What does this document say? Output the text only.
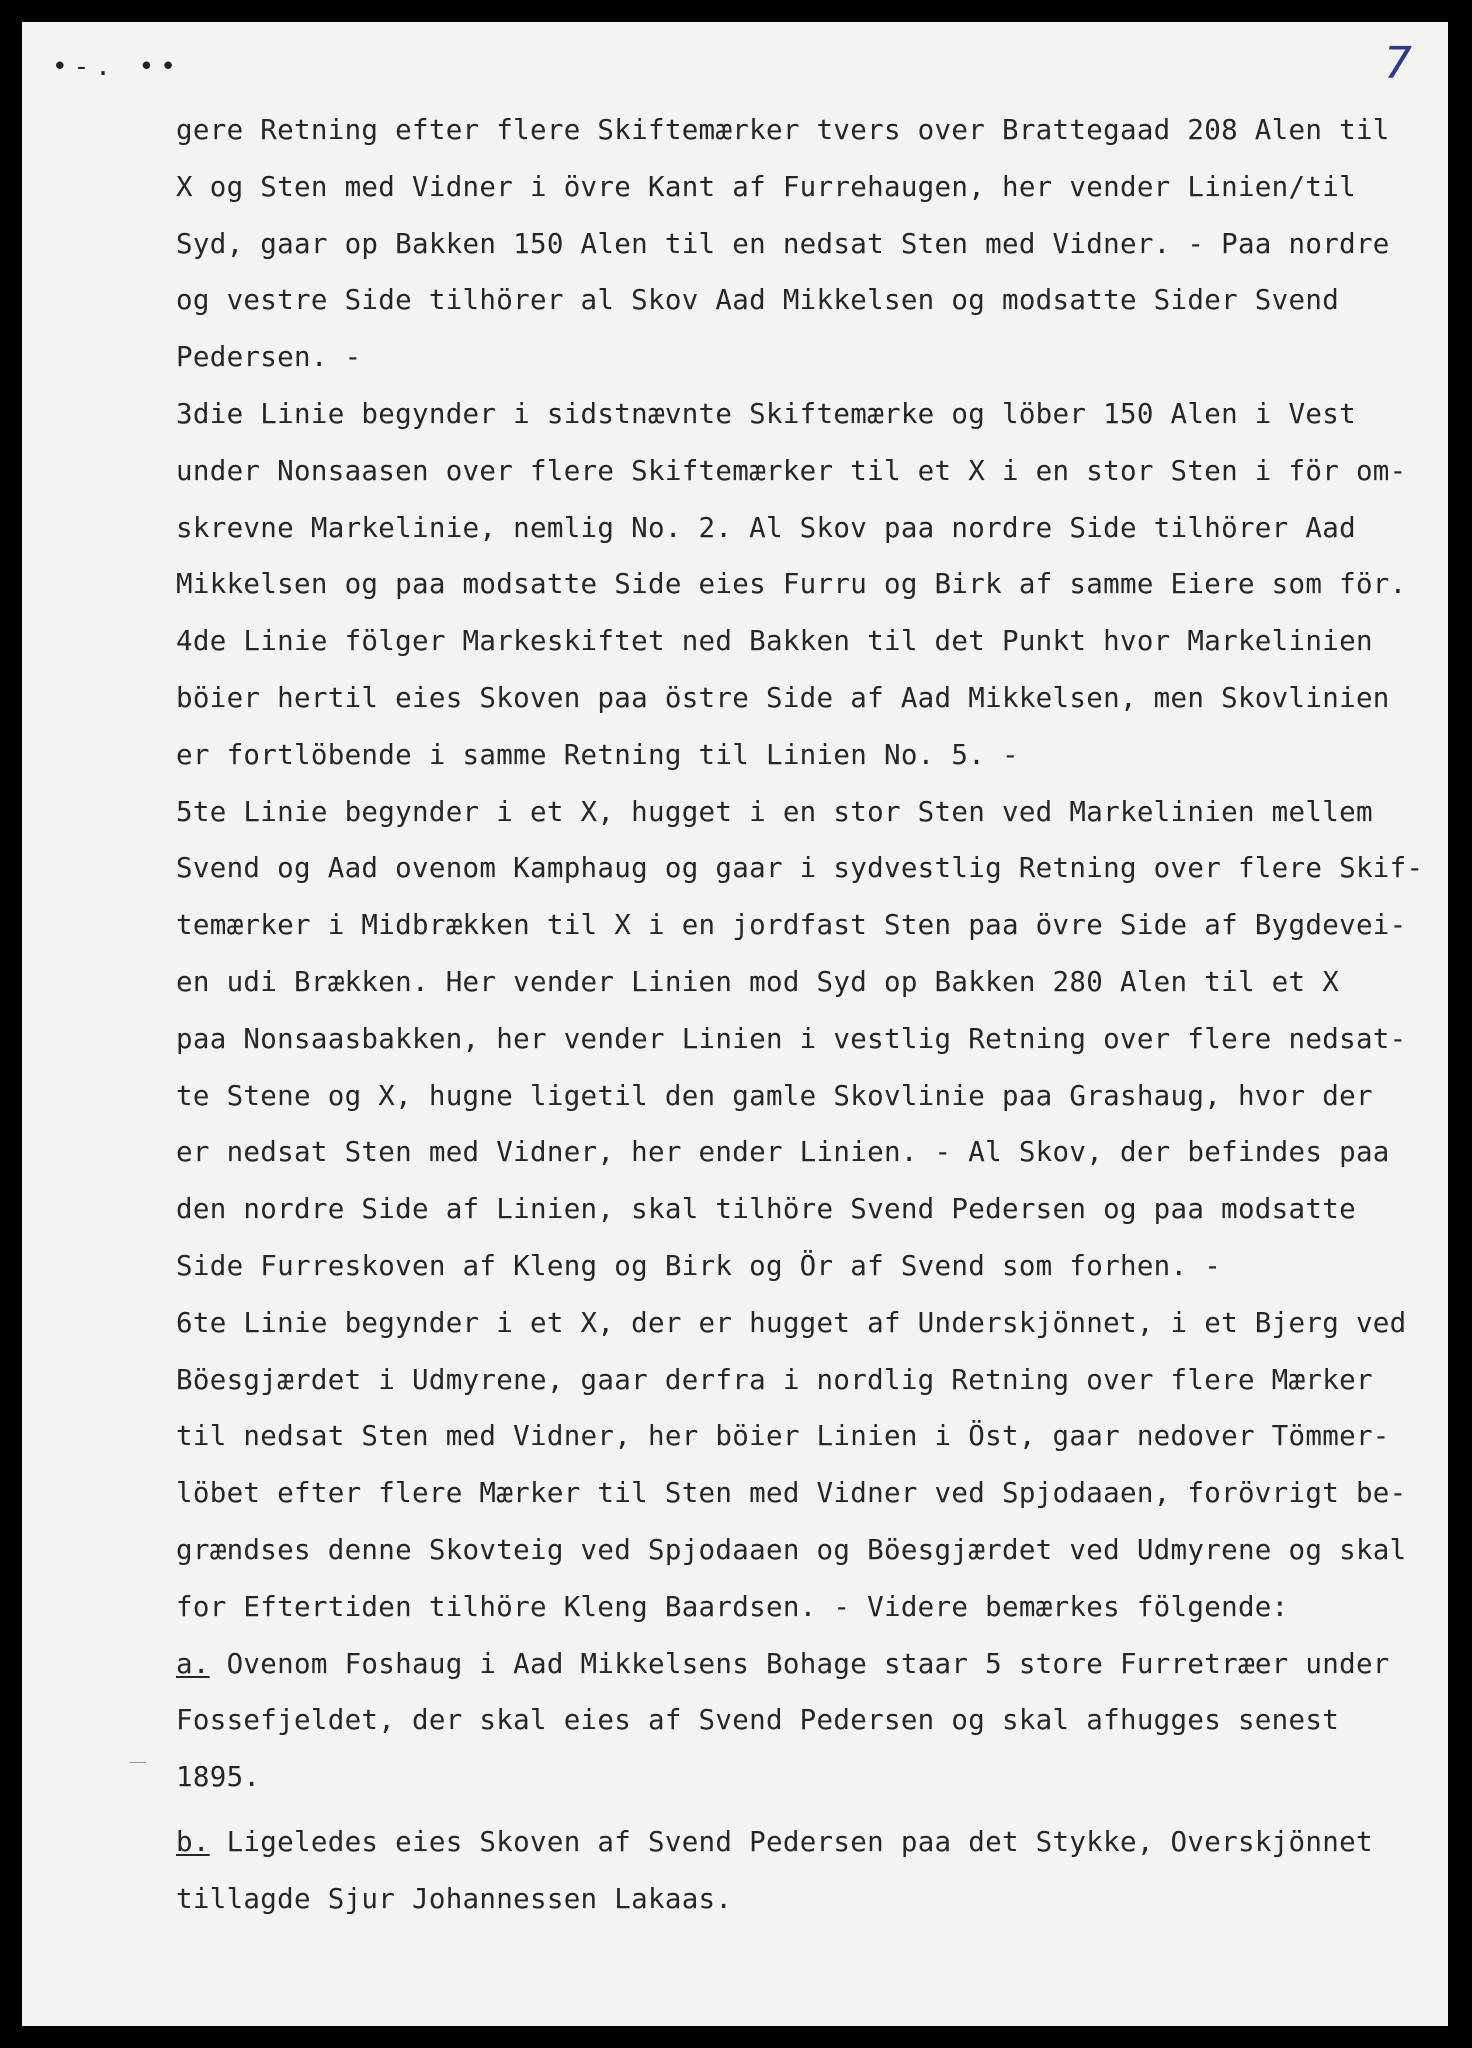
•-. ••	7
gere Retning efter flere Skiftemærker tvers over Brattegaad 208 Alen til
X og Sten med Vidner i övre Kant af Furrehaugen, her vender Linien/til
Syd, gaar op Bakken 150 Alen til en nedsat Sten med Vidner. - Paa nordre
og vestre Side tilhörer al Skov Aad Mikkelsen og modsatte Sider Svend
Pedersen. -
3die Linie begynder i sidstnævnte Skiftemærke og löber 150 Alen i Vest
under Nonsaasen over flere Skiftemærker til et X i en stor Sten i för om-
skrevne Markelinie, nemlig No. 2. Al Skov paa nordre Side tilhörer Aad
Mikkelsen og paa modsatte Side eies Furru og Birk af samme Eiere som för.
4de Linie fölger Markeskiftet ned Bakken til det Punkt hvor Markelinien
böier hertil eies Skoven paa östre Side af Aad Mikkelsen, men Skovlinien
er fortlöbende i samme Retning til Linien No. 5. -
5te Linie begynder i et X, hugget i en stor Sten ved Markelinien mellem
Svend og Aad ovenom Kamphaug og gaar i sydvestlig Retning over flere Skif-
temærker i Midbrækken til X i en jordfast Sten paa övre Side af Bygdevei-
en udi Brækken. Her vender Linien mod Syd op Bakken 280 Alen til et X
paa Nonsaasbakken, her vender Linien i vestlig Retning over flere nedsat-
te Stene og X, hugne ligetil den gamle Skovlinie paa Grashaug, hvor der
er nedsat Sten med Vidner, her ender Linien. - Al Skov, der befindes paa
den nordre Side af Linien, skal tilhöre Svend Pedersen og paa modsatte
Side Furreskoven af Kleng og Birk og Ör af Svend som forhen. -
6te Linie begynder i et X, der er hugget af Underskjönnet, i et Bjerg ved
Böesgjærdet i Udmyrene, gaar derfra i nordlig Retning over flere Mærker
til nedsat Sten med Vidner, her böier Linien i Öst, gaar nedover Tömmer-
löbet efter flere Mærker til Sten med Vidner ved Spjodaaen, forövrigt be-
grændses denne Skovteig ved Spjodaaen og Böesgjærdet ved Udmyrene og skal
for Eftertiden tilhöre Kleng Baardsen. - Videre bemærkes fölgende:
a. Ovenom Foshaug i Aad Mikkelsens Bohage staar 5 store Furretræer under
Fossefjeldet, der skal eies af Svend Pedersen og skal afhugges senest
1895.
b. Ligeledes eies Skoven af Svend Pedersen paa det Stykke, Overskjönnet
tillagde Sjur Johannessen Lakaas.
